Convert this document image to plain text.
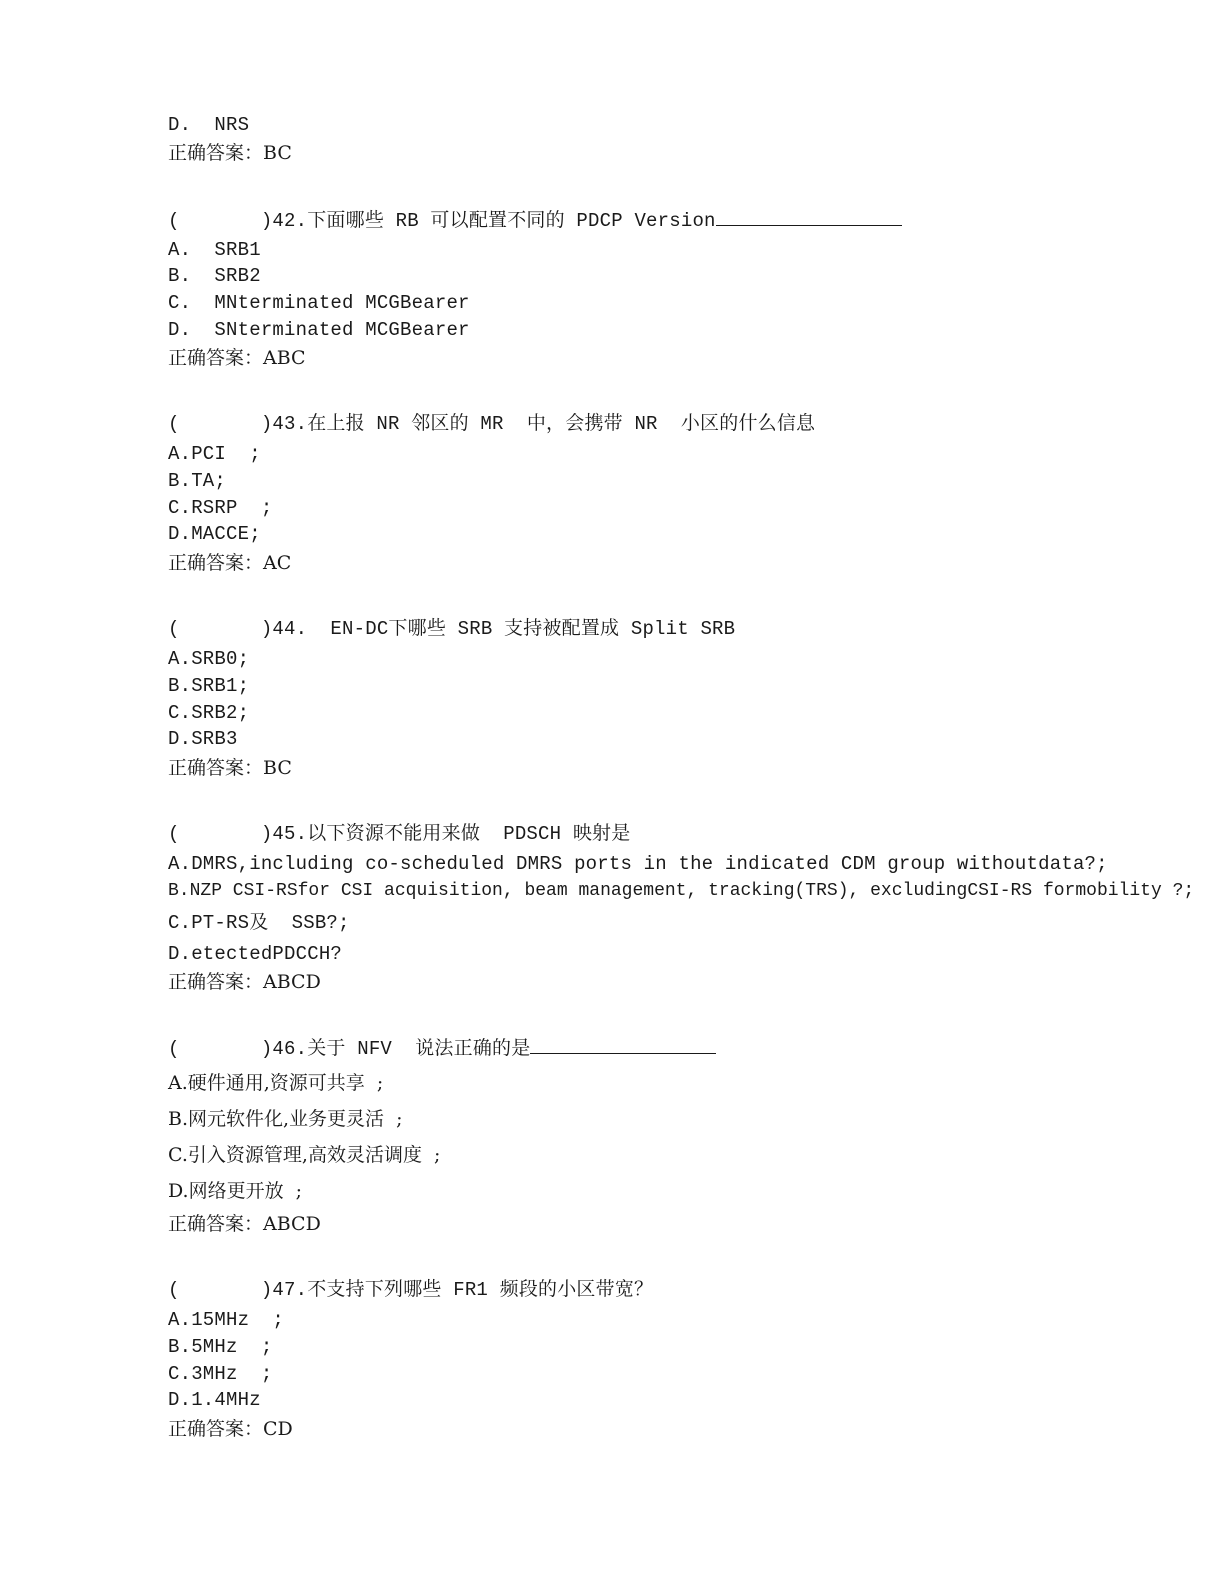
D.  NRS
正确答案：BC
(       )42.下面哪些 RB 可以配置不同的 PDCP Version
A.  SRB1
B.  SRB2
C.  MNterminated MCGBearer
D.  SNterminated MCGBearer
正确答案：ABC
(       )43.在上报 NR 邻区的 MR  中，会携带 NR  小区的什么信息
A.PCI  ;
B.TA;
C.RSRP  ;
D.MACCE;
正确答案：AC
(       )44.  EN-DC下哪些 SRB 支持被配置成 Split SRB
A.SRB0;
B.SRB1;
C.SRB2;
D.SRB3
正确答案：BC
(       )45.以下资源不能用来做  PDSCH 映射是
A.DMRS,including co-scheduled DMRS ports in the indicated CDM group withoutdata?;
B.NZP CSI-RSfor CSI acquisition, beam management, tracking(TRS), excludingCSI-RS formobility ?;
C.PT-RS及  SSB?;
D.etectedPDCCH?
正确答案：ABCD
(       )46.关于 NFV  说法正确的是
A.硬件通用,资源可共享  ;
B.网元软件化,业务更灵活  ;
C.引入资源管理,高效灵活调度  ;
D.网络更开放  ;
正确答案：ABCD
(       )47.不支持下列哪些 FR1 频段的小区带宽？
A.15MHz  ;
B.5MHz  ;
C.3MHz  ;
D.1.4MHz
正确答案：CD
